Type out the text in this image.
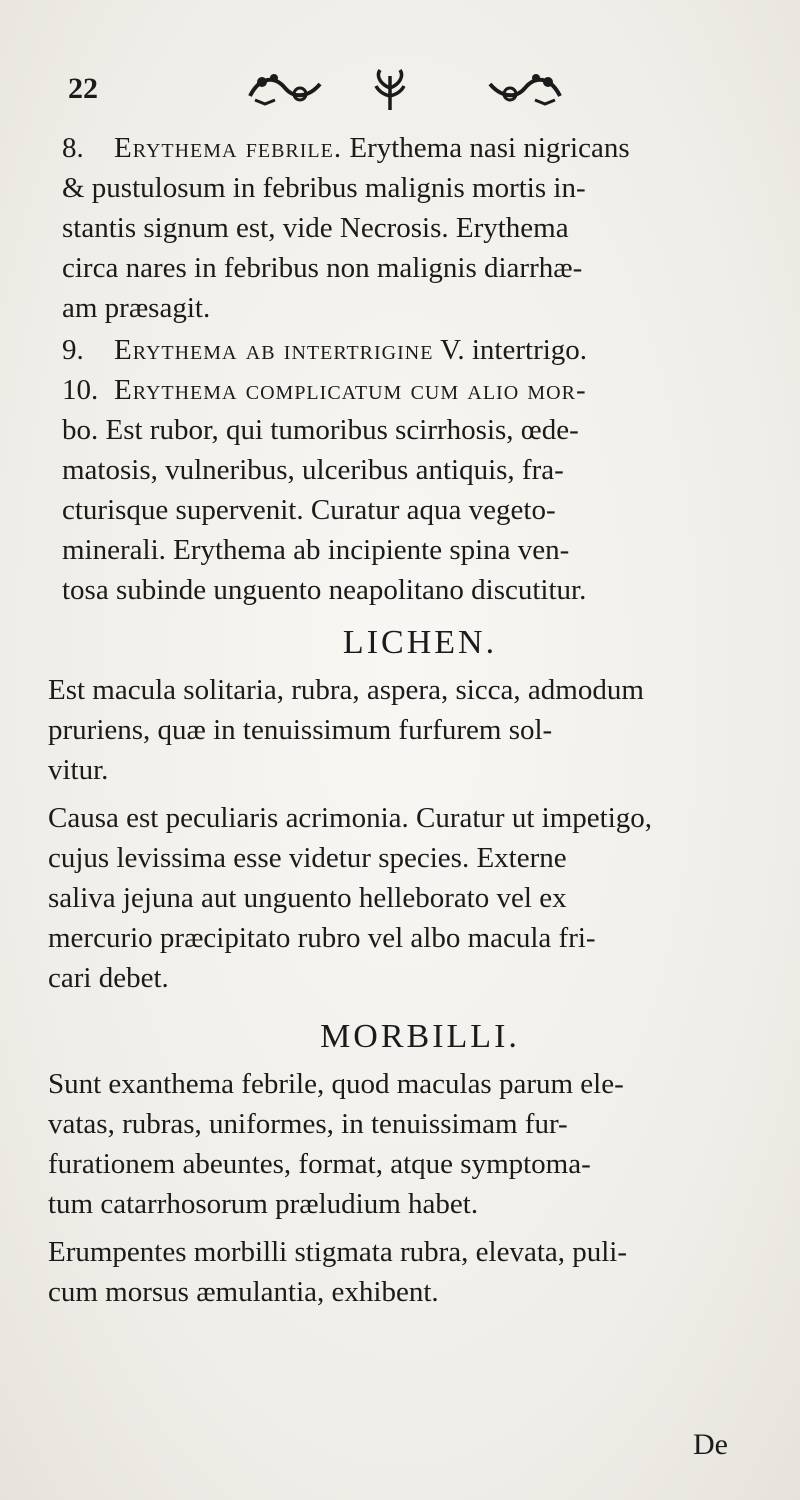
22
8. Erythema febrile. Erythema nasi nigricans
& pustulosum in febribus malignis mortis in-
stantis signum est, vide Necrosis. Erythema
circa nares in febribus non malignis diarrhæ-
am præsagit.
9. Erythema ab intertrigine V. intertrigo.
10. Erythema complicatum cum alio mor-
bo. Est rubor, qui tumoribus scirrhosis, œde-
matosis, vulneribus, ulceribus antiquis, fra-
cturisque supervenit. Curatur aqua vegeto-
minerali. Erythema ab incipiente spina ven-
tosa subinde unguento neapolitano discutitur.
LICHEN.
Est macula solitaria, rubra, aspera, sicca, admodum
pruriens, quæ in tenuissimum furfurem sol-
vitur.
Causa est peculiaris acrimonia. Curatur ut impetigo,
cujus levissima esse videtur species. Externe
saliva jejuna aut unguento helleborato vel ex
mercurio præcipitato rubro vel albo macula fri-
cari debet.
MORBILLI.
Sunt exanthema febrile, quod maculas parum ele-
vatas, rubras, uniformes, in tenuissimam fur-
furationem abeuntes, format, atque symptoma-
tum catarrhosorum præludium habet.
Erumpentes morbilli stigmata rubra, elevata, puli-
cum morsus æmulantia, exhibent.
De
